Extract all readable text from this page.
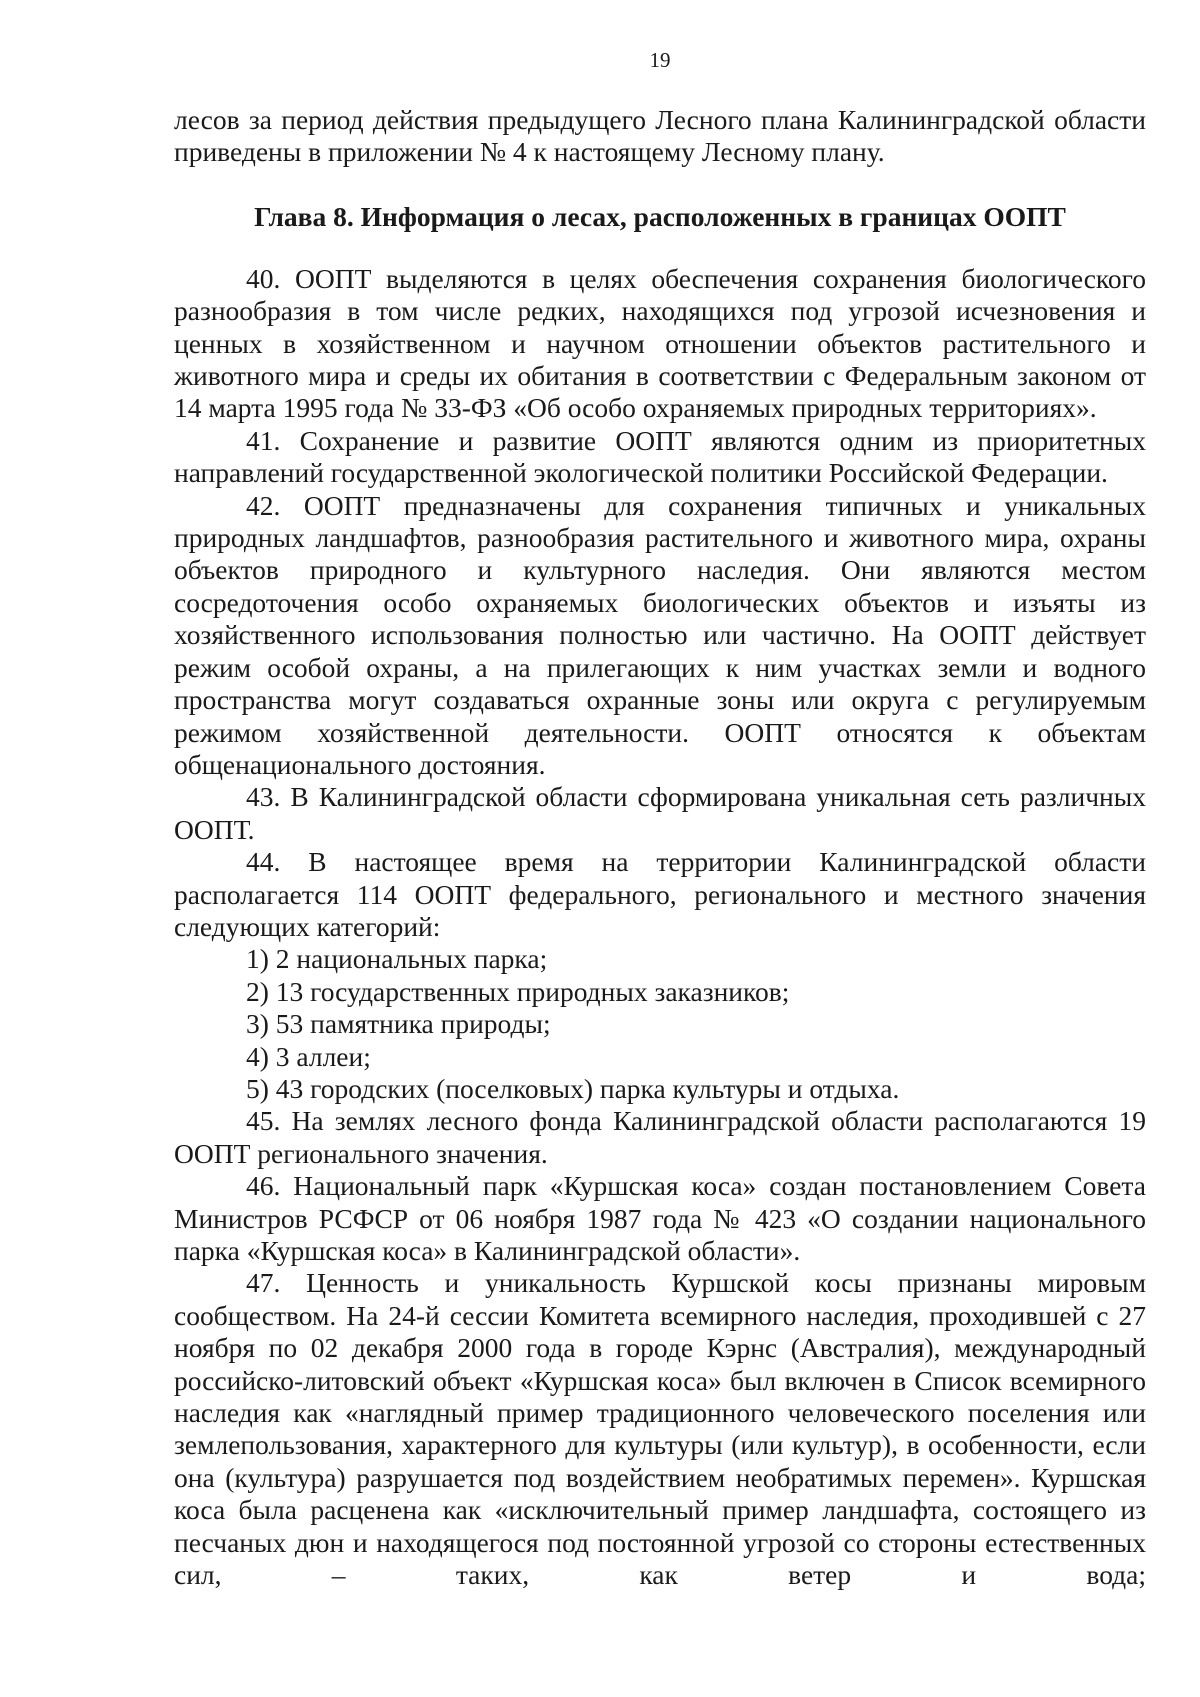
19

лесов за период действия предыдущего Лесного плана Калининградской области приведены в приложении № 4 к настоящему Лесному плану.

Глава 8. Информация о лесах, расположенных в границах ООПТ

40. ООПТ выделяются в целях обеспечения сохранения биологического разнообразия в том числе редких, находящихся под угрозой исчезновения и ценных в хозяйственном и научном отношении объектов растительного и животного мира и среды их обитания в соответствии с Федеральным законом от 14 марта 1995 года № 33-ФЗ «Об особо охраняемых природных территориях».

41. Сохранение и развитие ООПТ являются одним из приоритетных направлений государственной экологической политики Российской Федерации.

42. ООПТ предназначены для сохранения типичных и уникальных природных ландшафтов, разнообразия растительного и животного мира, охраны объектов природного и культурного наследия. Они являются местом сосредоточения особо охраняемых биологических объектов и изъяты из хозяйственного использования полностью или частично. На ООПТ действует режим особой охраны, а на прилегающих к ним участках земли и водного пространства могут создаваться охранные зоны или округа с регулируемым режимом хозяйственной деятельности. ООПТ относятся к объектам общенационального достояния.

43. В Калининградской области сформирована уникальная сеть различных ООПТ.

44. В настоящее время на территории Калининградской области располагается 114 ООПТ федерального, регионального и местного значения следующих категорий:

1) 2 национальных парка;

2) 13 государственных природных заказников;

3) 53 памятника природы;

4) 3 аллеи;

5) 43 городских (поселковых) парка культуры и отдыха.

45. На землях лесного фонда Калининградской области располагаются 19 ООПТ регионального значения.

46. Национальный парк «Куршская коса» создан постановлением Совета Министров РСФСР от 06 ноября 1987 года № 423 «О создании национального парка «Куршская коса» в Калининградской области».

47. Ценность и уникальность Куршской косы признаны мировым сообществом. На 24-й сессии Комитета всемирного наследия, проходившей с 27 ноября по 02 декабря 2000 года в городе Кэрнс (Австралия), международный российско-литовский объект «Куршская коса» был включен в Список всемирного наследия как «наглядный пример традиционного человеческого поселения или землепользования, характерного для культуры (или культур), в особенности, если она (культура) разрушается под воздействием необратимых перемен». Куршская коса была расценена как «исключительный пример ландшафта, состоящего из песчаных дюн и находящегося под постоянной угрозой со стороны естественных сил, – таких, как ветер и вода;
